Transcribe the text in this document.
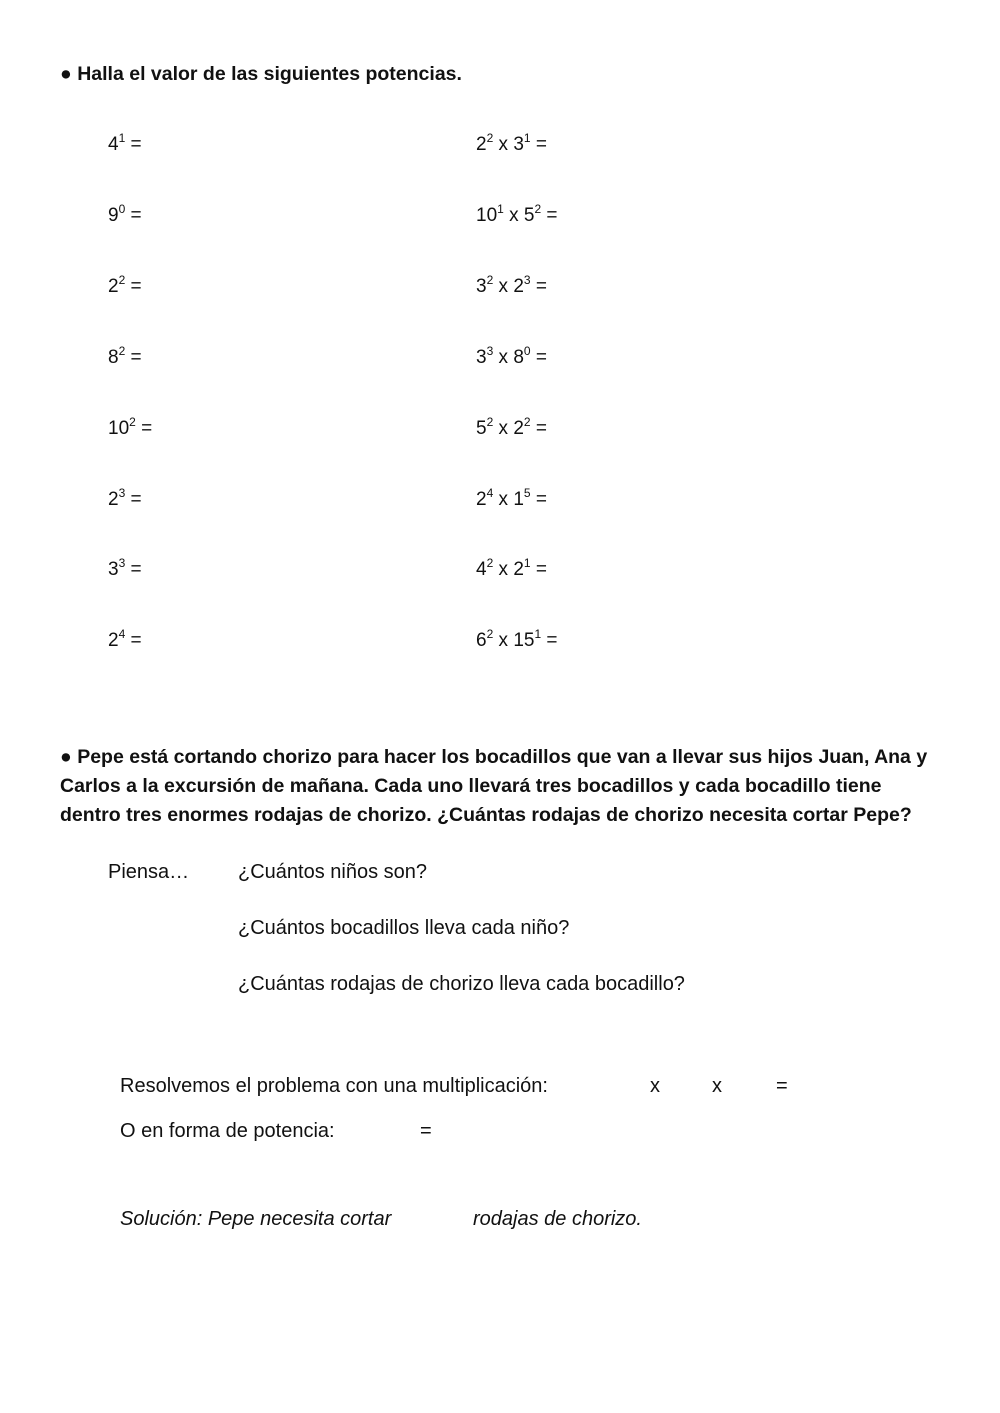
● Halla el valor de las siguientes potencias.
$4^1$ =
$9^0$ =
$2^2$ =
$8^2$ =
$10^2$ =
$2^3$ =
$3^3$ =
$2^4$ =
$2^2$ x $3^1$ =
$10^1$ x $5^2$ =
$3^2$ x $2^3$ =
$3^3$ x $8^0$ =
$5^2$ x $2^2$ =
$2^4$ x $1^5$ =
$4^2$ x $2^1$ =
$6^2$ x $15^1$ =
● Pepe está cortando chorizo para hacer los bocadillos que van a llevar sus hijos Juan, Ana y Carlos a la excursión de mañana. Cada uno llevará tres bocadillos y cada bocadillo tiene dentro tres enormes rodajas de chorizo. ¿Cuántas rodajas de chorizo necesita cortar Pepe?
Piensa… ¿Cuántos niños son?
¿Cuántos bocadillos lleva cada niño?
¿Cuántas rodajas de chorizo lleva cada bocadillo?
Resolvemos el problema con una multiplicación:	x	x	=
O en forma de potencia:	=
Solución: Pepe necesita cortar	rodajas de chorizo.
